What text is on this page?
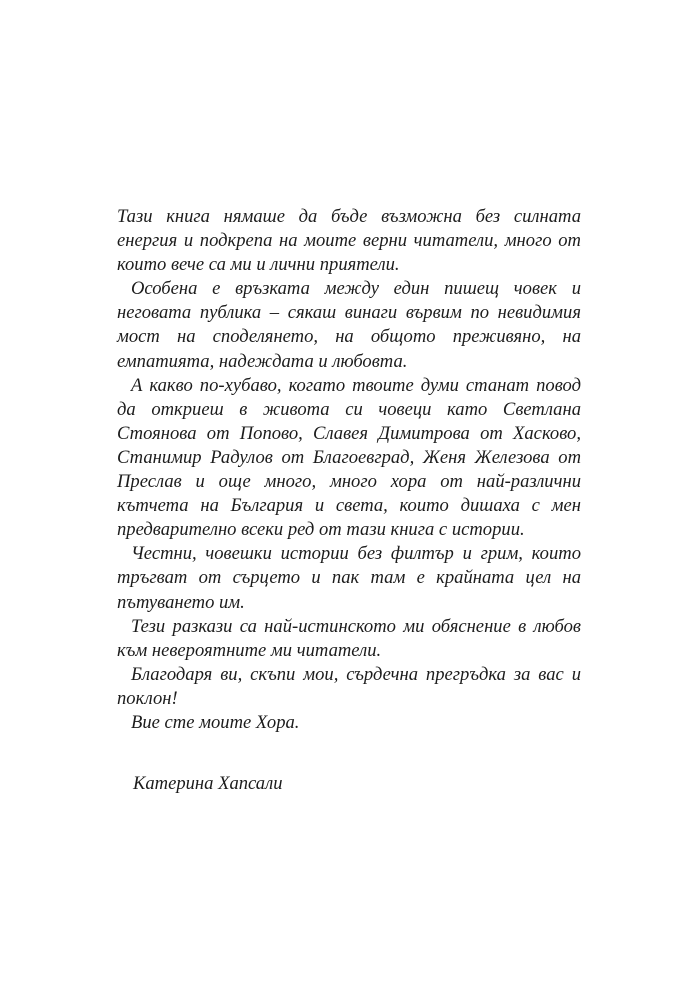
Тази книга нямаше да бъде възможна без силната енергия и подкрепа на моите верни читатели, много от които вече са ми и лични приятели.

Особена е връзката между един пишещ човек и неговата публика – сякаш винаги вървим по невидимия мост на споделянето, на общото преживяно, на емпатията, надеждата и любовта.

А какво по-хубаво, когато твоите думи станат повод да откриеш в живота си човеци като Светлана Стоянова от Попово, Славея Димитрова от Хасково, Станимир Радулов от Благоевград, Женя Железова от Преслав и още много, много хора от най-различни кътчета на България и света, които дишаха с мен предварително всеки ред от тази книга с истории.

Честни, човешки истории без филтър и грим, които тръгват от сърцето и пак там е крайната цел на пътуването им.

Тези разкази са най-истинското ми обяснение в любов към невероятните ми читатели.

Благодаря ви, скъпи мои, сърдечна прегръдка за вас и поклон!

Вие сте моите Хора.

Катерина Хапсали
